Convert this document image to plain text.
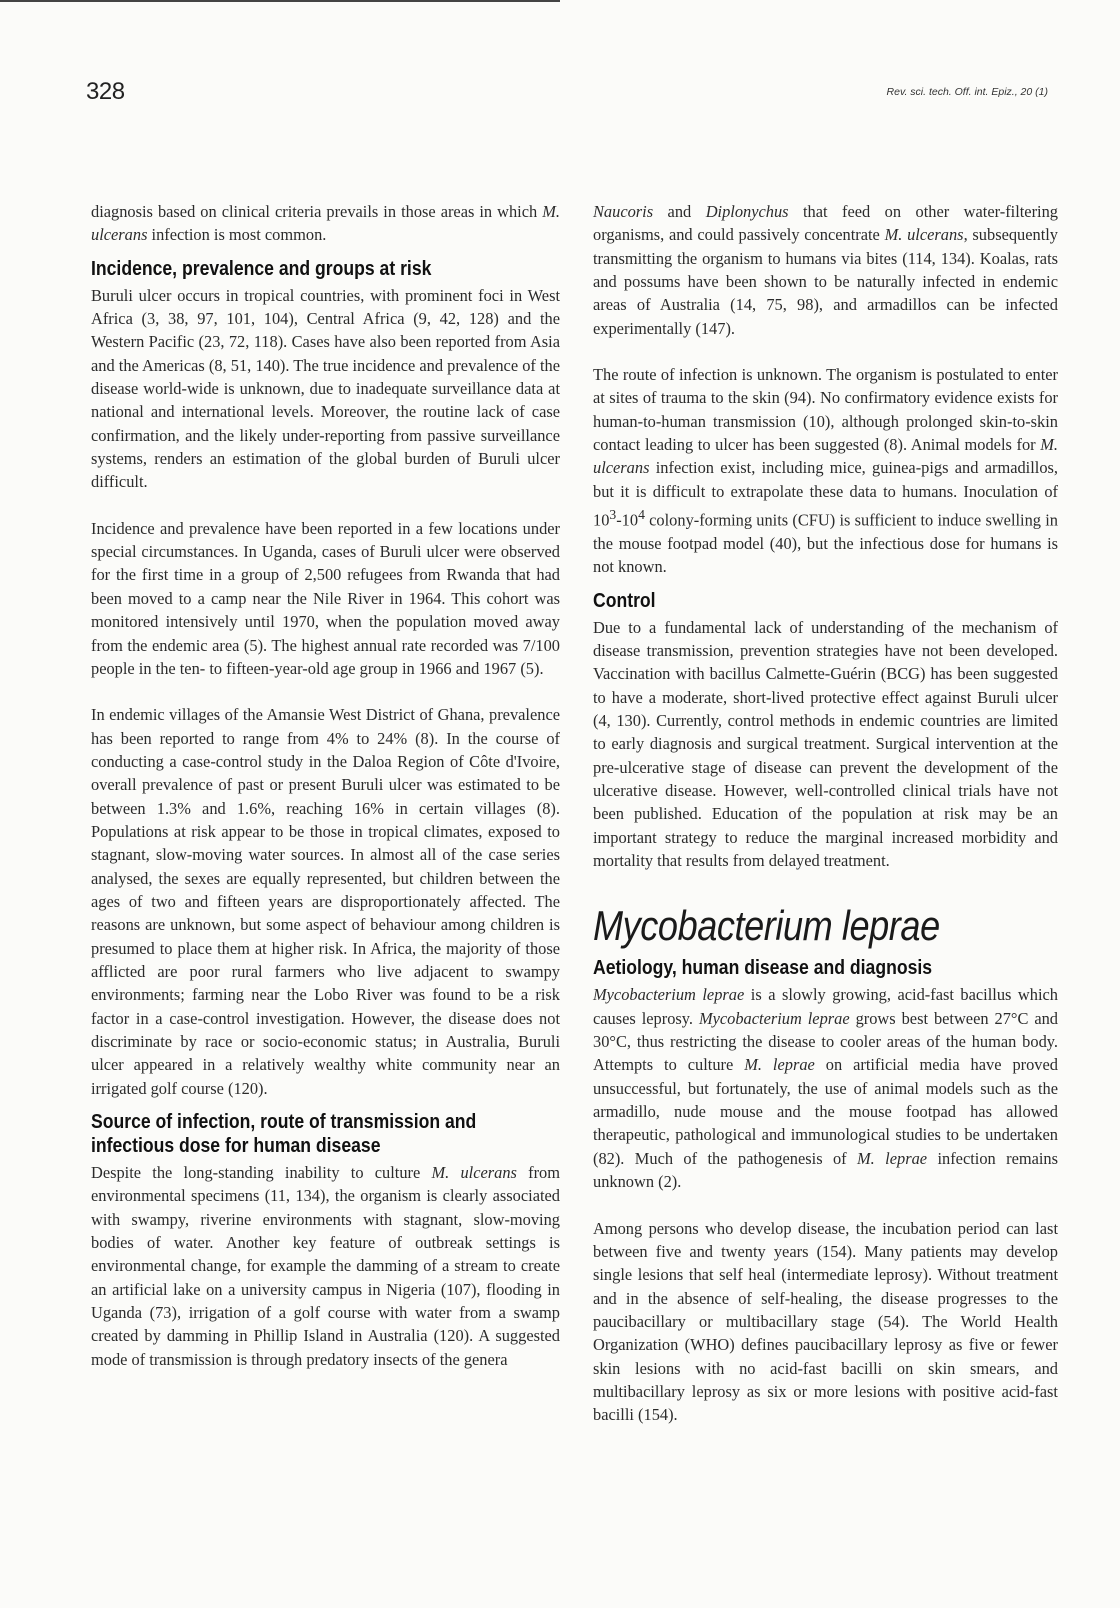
328	Rev. sci. tech. Off. int. Epiz., 20 (1)

diagnosis based on clinical criteria prevails in those areas in which M. ulcerans infection is most common.

Incidence, prevalence and groups at risk

Buruli ulcer occurs in tropical countries, with prominent foci in West Africa (3, 38, 97, 101, 104), Central Africa (9, 42, 128) and the Western Pacific (23, 72, 118). Cases have also been reported from Asia and the Americas (8, 51, 140). The true incidence and prevalence of the disease world-wide is unknown, due to inadequate surveillance data at national and international levels. Moreover, the routine lack of case confirmation, and the likely under-reporting from passive surveillance systems, renders an estimation of the global burden of Buruli ulcer difficult.

Incidence and prevalence have been reported in a few locations under special circumstances. In Uganda, cases of Buruli ulcer were observed for the first time in a group of 2,500 refugees from Rwanda that had been moved to a camp near the Nile River in 1964. This cohort was monitored intensively until 1970, when the population moved away from the endemic area (5). The highest annual rate recorded was 7/100 people in the ten- to fifteen-year-old age group in 1966 and 1967 (5).

In endemic villages of the Amansie West District of Ghana, prevalence has been reported to range from 4% to 24% (8). In the course of conducting a case-control study in the Daloa Region of Côte d'Ivoire, overall prevalence of past or present Buruli ulcer was estimated to be between 1.3% and 1.6%, reaching 16% in certain villages (8). Populations at risk appear to be those in tropical climates, exposed to stagnant, slow-moving water sources. In almost all of the case series analysed, the sexes are equally represented, but children between the ages of two and fifteen years are disproportionately affected. The reasons are unknown, but some aspect of behaviour among children is presumed to place them at higher risk. In Africa, the majority of those afflicted are poor rural farmers who live adjacent to swampy environments; farming near the Lobo River was found to be a risk factor in a case-control investigation. However, the disease does not discriminate by race or socio-economic status; in Australia, Buruli ulcer appeared in a relatively wealthy white community near an irrigated golf course (120).

Source of infection, route of transmission and infectious dose for human disease

Despite the long-standing inability to culture M. ulcerans from environmental specimens (11, 134), the organism is clearly associated with swampy, riverine environments with stagnant, slow-moving bodies of water. Another key feature of outbreak settings is environmental change, for example the damming of a stream to create an artificial lake on a university campus in Nigeria (107), flooding in Uganda (73), irrigation of a golf course with water from a swamp created by damming in Phillip Island in Australia (120). A suggested mode of transmission is through predatory insects of the genera

Naucoris and Diplonychus that feed on other water-filtering organisms, and could passively concentrate M. ulcerans, subsequently transmitting the organism to humans via bites (114, 134). Koalas, rats and possums have been shown to be naturally infected in endemic areas of Australia (14, 75, 98), and armadillos can be infected experimentally (147).

The route of infection is unknown. The organism is postulated to enter at sites of trauma to the skin (94). No confirmatory evidence exists for human-to-human transmission (10), although prolonged skin-to-skin contact leading to ulcer has been suggested (8). Animal models for M. ulcerans infection exist, including mice, guinea-pigs and armadillos, but it is difficult to extrapolate these data to humans. Inoculation of $10^3-10^4$ colony-forming units (CFU) is sufficient to induce swelling in the mouse footpad model (40), but the infectious dose for humans is not known.

Control

Due to a fundamental lack of understanding of the mechanism of disease transmission, prevention strategies have not been developed. Vaccination with bacillus Calmette-Guérin (BCG) has been suggested to have a moderate, short-lived protective effect against Buruli ulcer (4, 130). Currently, control methods in endemic countries are limited to early diagnosis and surgical treatment. Surgical intervention at the pre-ulcerative stage of disease can prevent the development of the ulcerative disease. However, well-controlled clinical trials have not been published. Education of the population at risk may be an important strategy to reduce the marginal increased morbidity and mortality that results from delayed treatment.

Mycobacterium leprae
Aetiology, human disease and diagnosis

Mycobacterium leprae is a slowly growing, acid-fast bacillus which causes leprosy. Mycobacterium leprae grows best between 27°C and 30°C, thus restricting the disease to cooler areas of the human body. Attempts to culture M. leprae on artificial media have proved unsuccessful, but fortunately, the use of animal models such as the armadillo, nude mouse and the mouse footpad has allowed therapeutic, pathological and immunological studies to be undertaken (82). Much of the pathogenesis of M. leprae infection remains unknown (2).

Among persons who develop disease, the incubation period can last between five and twenty years (154). Many patients may develop single lesions that self heal (intermediate leprosy). Without treatment and in the absence of self-healing, the disease progresses to the paucibacillary or multibacillary stage (54). The World Health Organization (WHO) defines paucibacillary leprosy as five or fewer skin lesions with no acid-fast bacilli on skin smears, and multibacillary leprosy as six or more lesions with positive acid-fast bacilli (154).
